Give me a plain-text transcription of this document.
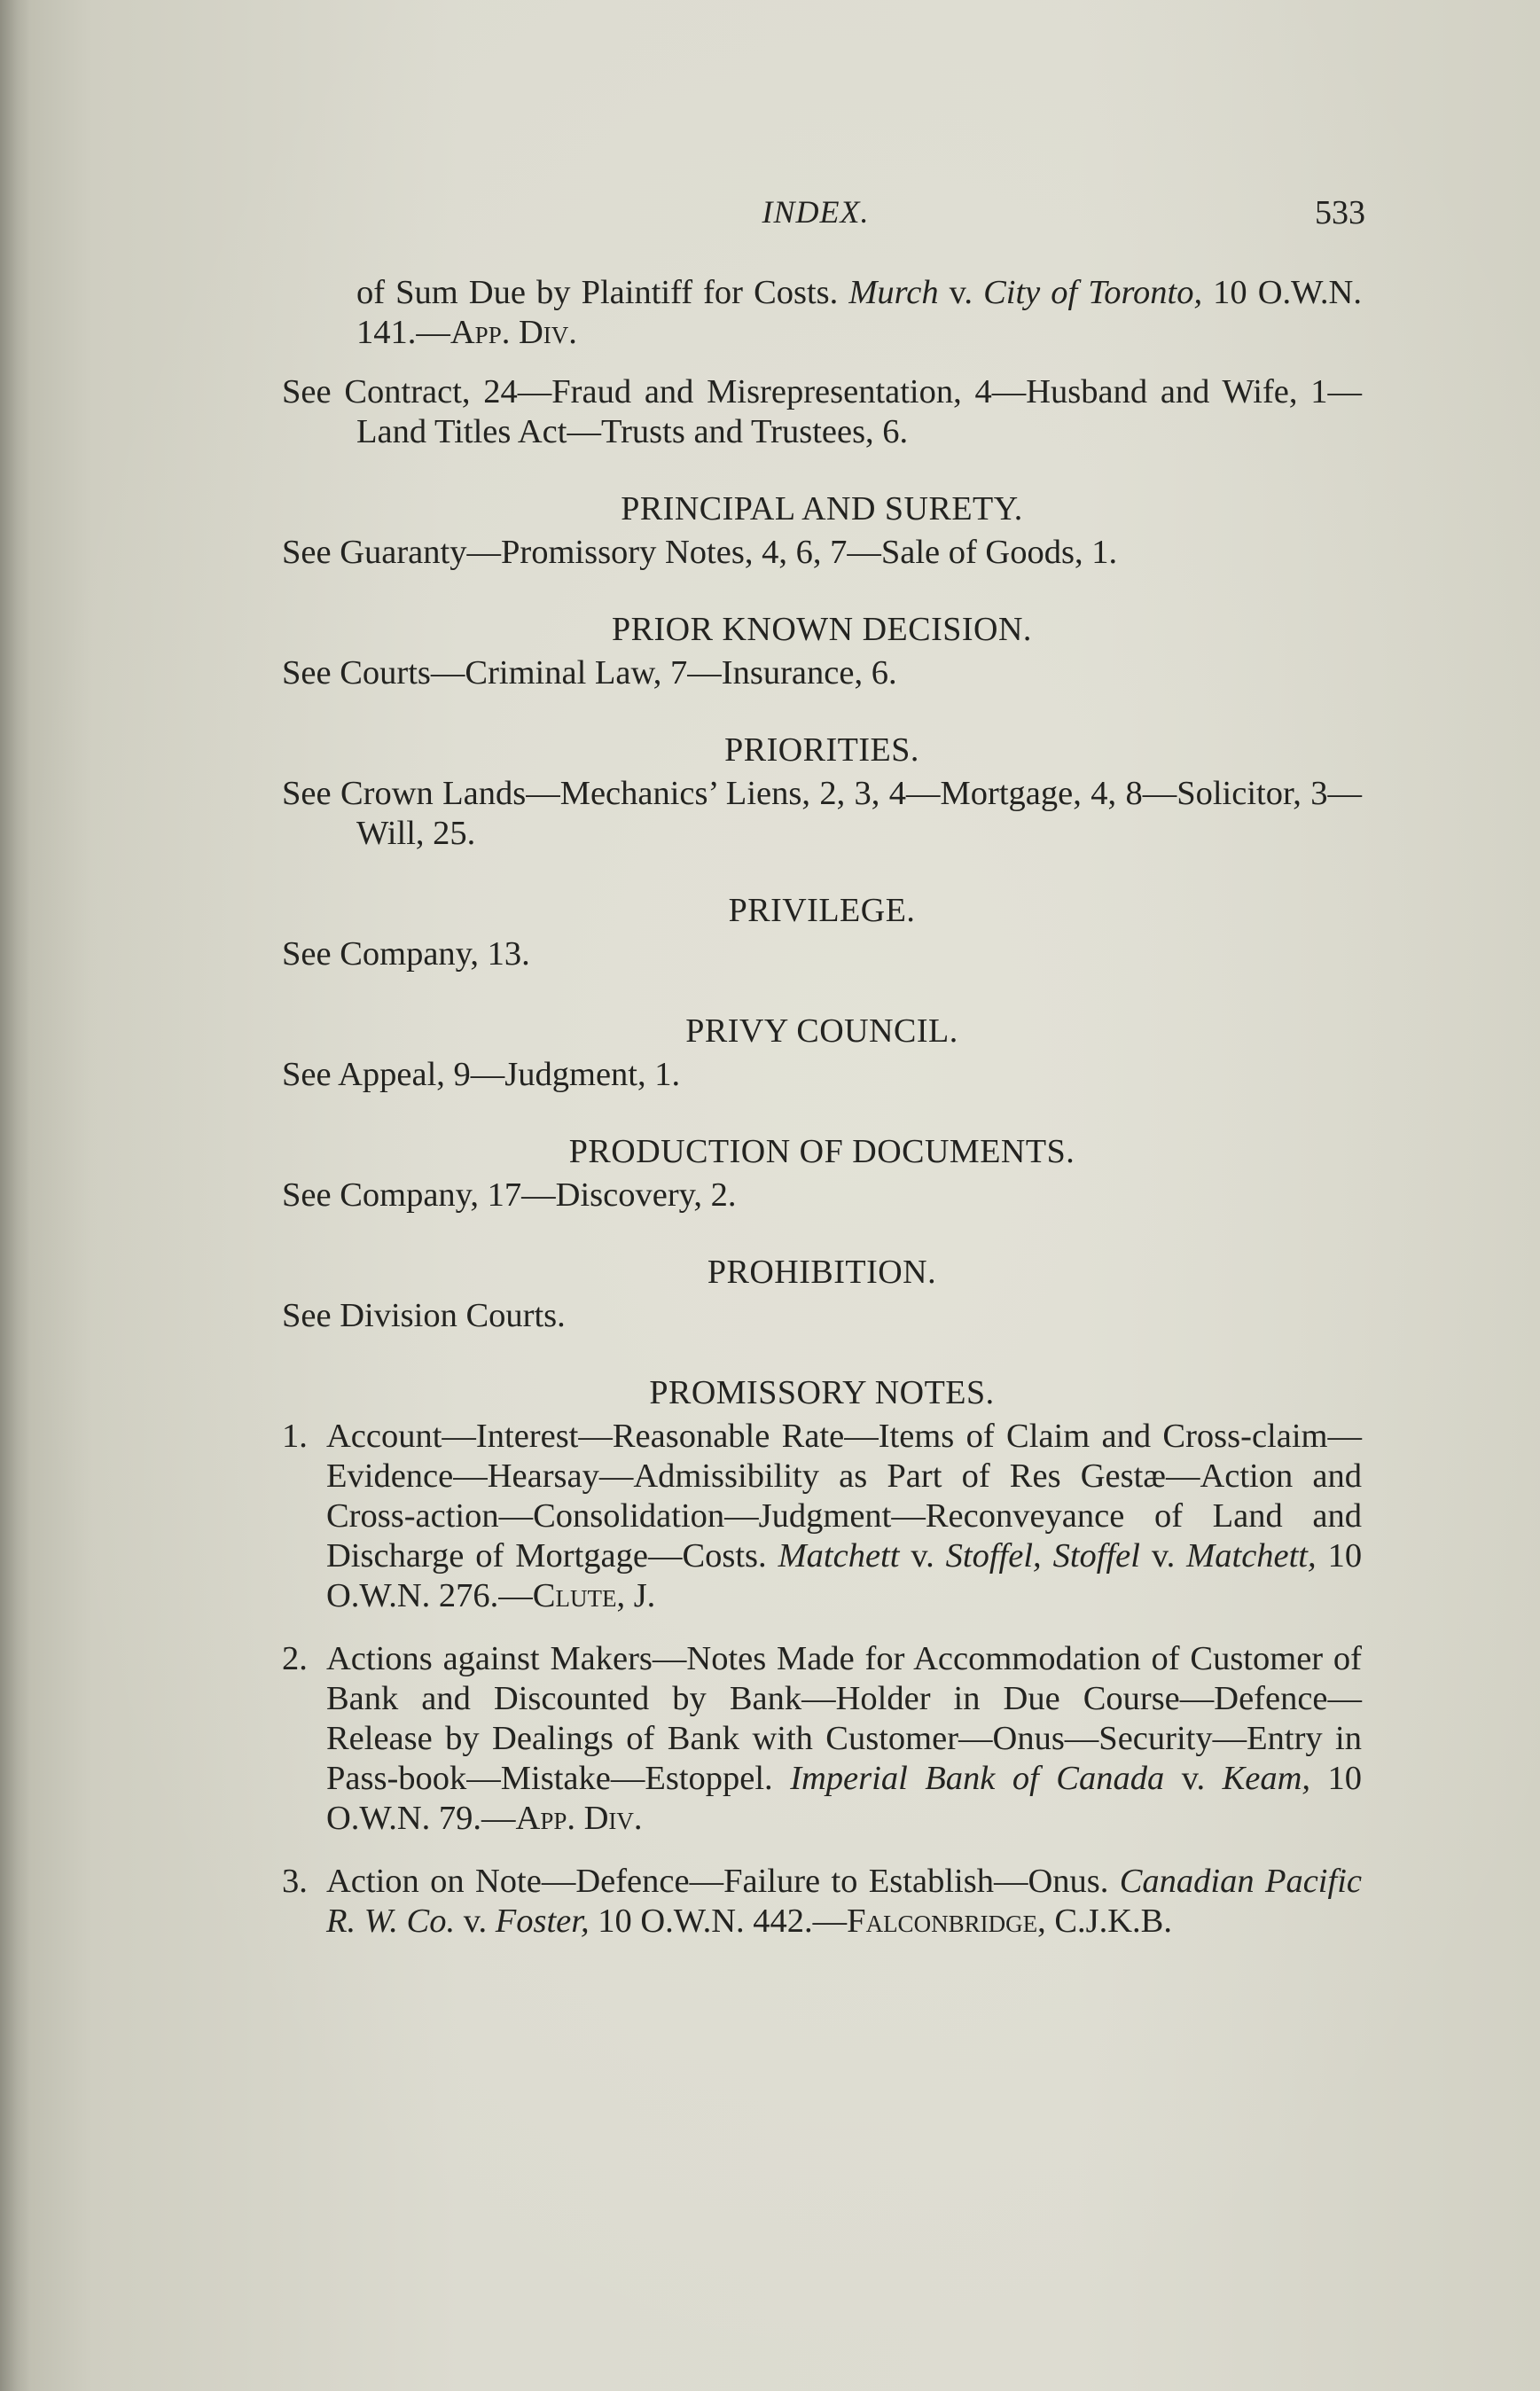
INDEX.	533

of Sum Due by Plaintiff for Costs. Murch v. City of Toronto, 10 O.W.N. 141.—App. Div.

See Contract, 24—Fraud and Misrepresentation, 4—Husband and Wife, 1—Land Titles Act—Trusts and Trustees, 6.

PRINCIPAL AND SURETY.

See Guaranty—Promissory Notes, 4, 6, 7—Sale of Goods, 1.

PRIOR KNOWN DECISION.

See Courts—Criminal Law, 7—Insurance, 6.

PRIORITIES.

See Crown Lands—Mechanics’ Liens, 2, 3, 4—Mortgage, 4, 8—Solicitor, 3—Will, 25.

PRIVILEGE.

See Company, 13.

PRIVY COUNCIL.

See Appeal, 9—Judgment, 1.

PRODUCTION OF DOCUMENTS.

See Company, 17—Discovery, 2.

PROHIBITION.

See Division Courts.

PROMISSORY NOTES.
1. Account—Interest—Reasonable Rate—Items of Claim and Cross-claim—Evidence—Hearsay—Admissibility as Part of Res Gestæ—Action and Cross-action—Consolidation—Judgment—Reconveyance of Land and Discharge of Mortgage—Costs. Matchett v. Stoffel, Stoffel v. Matchett, 10 O.W.N. 276.—Clute, J.
2. Actions against Makers—Notes Made for Accommodation of Customer of Bank and Discounted by Bank—Holder in Due Course—Defence—Release by Dealings of Bank with Customer—Onus—Security—Entry in Pass-book—Mistake—Estoppel. Imperial Bank of Canada v. Keam, 10 O.W.N. 79.—App. Div.
3. Action on Note—Defence—Failure to Establish—Onus. Canadian Pacific R. W. Co. v. Foster, 10 O.W.N. 442.—Falconbridge, C.J.K.B.
